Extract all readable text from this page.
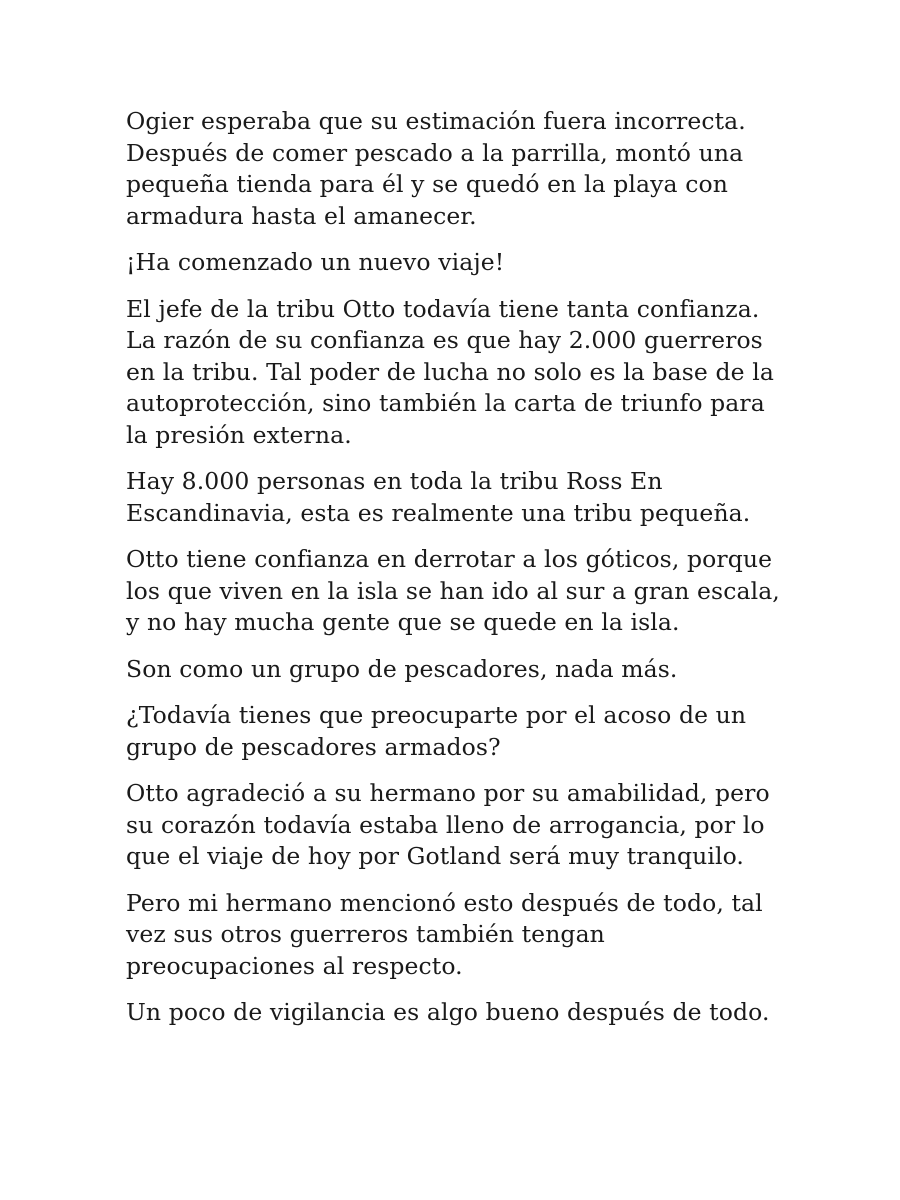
Ogier esperaba que su estimación fuera incorrecta. Después de comer pescado a la parrilla, montó una pequeña tienda para él y se quedó en la playa con armadura hasta el amanecer.

¡Ha comenzado un nuevo viaje!

El jefe de la tribu Otto todavía tiene tanta confianza. La razón de su confianza es que hay 2.000 guerreros en la tribu. Tal poder de lucha no solo es la base de la autoprotección, sino también la carta de triunfo para la presión externa.

Hay 8.000 personas en toda la tribu Ross En Escandinavia, esta es realmente una tribu pequeña.

Otto tiene confianza en derrotar a los góticos, porque los que viven en la isla se han ido al sur a gran escala, y no hay mucha gente que se quede en la isla.

Son como un grupo de pescadores, nada más.

¿Todavía tienes que preocuparte por el acoso de un grupo de pescadores armados?

Otto agradeció a su hermano por su amabilidad, pero su corazón todavía estaba lleno de arrogancia, por lo que el viaje de hoy por Gotland será muy tranquilo.

Pero mi hermano mencionó esto después de todo, tal vez sus otros guerreros también tengan preocupaciones al respecto.

Un poco de vigilancia es algo bueno después de todo.
